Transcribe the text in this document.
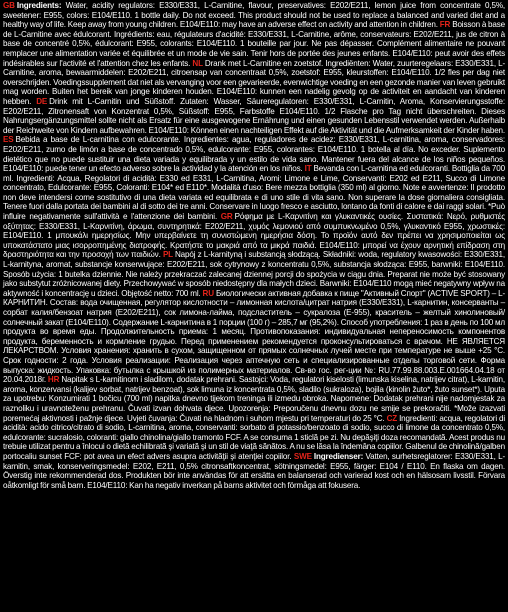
GB Ingredients: Water, acidity regulators: E330/E331, L-Carnitine, flavour, preservatives: E202/E211, lemon juice from concentrate 0,5%, sweetener: E955, colors: E104/E110. 1 bottle daily. Do not exceed. This product should not be used to replace a balanced and varied diet and a healthy way of life. Keep away from young children. E104/E110: may have an adverse effect on activity and attention in children. FR Boisson à base de L-Carnitine avec édulcorant. Ingrédients: eau, régulateurs d'acidité: E330/E331, L-Carnitine, arôme, conservateurs: E202/E211, jus de citron à base de concentré 0,5%, édulcorant: E955, colorants: E104/E110. 1 bouteille par jour. Ne pas dépasser. Complément alimentaire ne pouvant remplacer une alimentation variée et équilibrée et un mode de vie sain. Tenir hors de portée des jeunes enfants. E104/E110: peut avoir des effets indésirables sur l'activité et l'attention chez les enfants. NL Drank met L-Carnitine en zoetstof. Ingrediënten: Water, zuurteregelaars: E330/E331, L-Carnitine, aroma, bewaarmiddelen: E202/E211, citroensap van concentraat 0,5%, zoetstof: E955, kleurstoffen: E104/E110. 1/2 fles per dag niet overschrijden. Voedingssupplement dat niet als vervanging voor een gevarieerde, evenwichtige voeding en een gezonde manier van leven gebruikt mag worden. Buiten het bereik van jonge kinderen houden. E104/E110: kunnen een nadelig gevolg op de activiteit en aandacht van kinderen hebben. DE Drink mit L-Carnitin und Süßstoff. Zutaten: Wasser, Säureregulatoren: E330/E331, L-Carnitin, Aroma, Konservierungsstoffe: E202/E211, Zitronensaft von Konzentrat 0,5%, Süßstoff: E955, Farbstoffe E104/E110. 1/2 Flasche pro Tag nicht überschreiten. Dieses Nahrungsergänzungsmittel sollte nicht als Ersatz für eine ausgewogene Ernährung und einen gesunden Lebensstil verwendet werden. Außerhalb der Reichweite von Kindern aufbewahren. E104/E110: Können einen nachteiligen Effekt auf die Aktivität und die Aufmerksamkeit der Kinder haben. ES Bebida a base de L-carnitina con edulcorante. Ingredientes: agua, reguladores de acidez: E330/E331, L-carnitina, aroma, conservadores: E202/E211, zumo de limón a base de concentrado 0,5%, edulcorante: E955, colorantes: E104/E110. 1 botella al día. No exceder. Suplemento dietético que no puede sustituir una dieta variada y equilibrada y un estilo de vida sano. Mantener fuera del alcance de los niños pequeños. E104/E110: puede tener un efecto adverso sobre la actividad y la atención en los niños. IT Bevanda con L-carnitina ed edulcoranti. Bottiglia da 700 ml. Ingredienti: Acqua, Regolatori di acidità: E330 ed E331, L-Carnitina, Aromi: Limone e Lime, Conservanti: E202 ed E211, Succo di Limone concentrato, Edulcorante: E955, Coloranti: E104* ed E110*. Modalità d'uso: Bere mezza bottiglia (350 ml) al giorno. Note e avvertenze: Il prodotto non deve intendersi come sostitutivo di una dieta variata ed equilibrata e di uno stile di vita sano. Non superare la dose giornaliera consigliata. Tenere fuori dalla portata dei bambini al di sotto dei tre anni. Conservare in luogo fresco e asciutto, lontano da fonti di calore e dai raggi solari. *Può influire negativamente sull'attività e l'attenzione dei bambini. GR Ρόφημα με L-Καρνιτίνη και γλυκαντικές ουσίες. Συστατικά: Νερό, ρυθμιστές οξύτητας: E330/E331, L-Καρνιτίνη, άρωμα, συντηρητικά: E202/E211, χυμός λεμονιού από συμπυκνωμένο 0,5%, γλυκαντικό E955, χρωστικές: E104/E110. 1 μπουκάλι ημερησίως. Μην υπερβαίνετε τη συνιστώμενη ημερήσια δόση. Το προϊόν αυτό δεν πρέπει να χρησιμοποιείται ως υποκατάστατο μιας ισορροπημένης διατροφής. Κρατήστε το μακριά από τα μικρά παιδιά. E104/E110: μπορεί να έχουν αρνητική επίδραση στη δραστηριότητα και την προσοχή των παιδιών. PL Napój z L-karnityną i substancją słodzącą. Składniki: woda, regulatory kwasowości: E330/E331, L-karnityna, aromat, substancje konserwujące: E202/E211, sok cytrynowy z koncentratu 0,5%, substancja słodząca: E955, barwniki: E104/E110. Sposób użycia: 1 butelka dziennie. Nie należy przekraczać zalecanej dziennej porcji do spożycia w ciągu dnia. Preparat nie może być stosowany jako substytut zróżnicowanej diety. Przechowywać w sposób niedostępny dla małych dzieci. Barwniki: E104/E110 mogą mieć negatywny wpływ na aktywność i koncentrację u dzieci. Objętość netto: 700 ml. RU Биологически активная добавка к пище "Активный Спорт" (ACTIVE SPORT) – L-КАРНИТИН. Состав: вода очищенная, регулятор кислотности – лимонная кислота/цитрат натрия (E330/E331), L-карнитин, консерванты – сорбат калия/бензоат натрия (E202/E211), сок лимона-лайма, подсластитель – сукралоза (E-955), краситель – желтый хинолиновый/солнечный закат (E104/E110). Содержание L-карнитина в 1 порции (100 г) – 285,7 мг (95,2%). Способ употребления: 1 раз в день по 100 мл продукта во время еды. Продолжительность приема: 1 месяц. Противопоказания: индивидуальная непереносимость компонентов продукта, беременность и кормление грудью. Перед применением рекомендуется проконсультироваться с врачом. НЕ ЯВЛЯЕТСЯ ЛЕКАРСТВОМ. Условия хранения: хранить в сухом, защищенном от прямых солнечных лучей месте при температуре не выше +25 °C. Срок годности: 2 года. Условия реализации: Реализация через аптечную сеть и специализированные отделы торговой сети. Форма выпуска: жидкость. Упаковка: бутылка с крышкой из полимерных материалов. Св-во гос. рег-ции №: RU.77.99.88.003.E.001664.04.18 от 20.04.2018г. HR Napitak s L-karnitinom i sladilom, dodatak prehrani. Sastojci: Voda, regulatori kiselosti (limunska kiselina, natrijev citrat), L-karnitin, aroma, konzervansi (kalijev sorbat, natrijev benzoat), sok limuna iz koncentrata 0,5%, sladilo (sukraloza), bojila (kinolin žuto*, žuto sunset*). Uputa za upotrebu: Konzumirati 1 bočicu (700 ml) napitka dnevno tijekom treninga ili izmedu obroka. Napomene: Dodatak prehrani nije nadomjestak za raznoliku i uravnoteženu prehranu. Čuvati izvan dohvata djece. Upozorenja: Preporučenu dnevnu dozu ne smije se prekoračiti. *Može izazvati poremećaj aktivnosti i pažnje djece. Uvjeti čuvanja: Čuvati na hladnom i suhom mjestu pri temperaturi do 25 °C. CZ Ingredienti: acqua, regolatori di acidità: acido citrico/citrato di sodio, L-carnitina, aroma, conservanti: sorbato di potassio/benzoato di sodio, succo di limone da concentrato 0,5%, edulcorante: sucralosio, coloranti: giallo chinolina/giallo tramonto FCF. A se consuma 1 sticlă pe zi. Nu depăşiţi doza recomandată. Acest produs nu trebuie utilizat pentru a înlocui o dietă echilibrată şi variată şi un stil de viaţă sănătos. A nu se lăsa la îndemâna copiilor. Galbenul de chinolină/galben portocaliu sunset FCF: pot avea un efect advers asupra activităţii şi atenţiei copiilor. SWE Ingredienser: Vatten, surhetsreglatorer: E330/E331, L-karnitin, smak, konserveringsmedel: E202, E211, 0,5% citronsaftkoncentrat, sötningsmedel: E955, färger: E104 / E110. En flaska om dagen. Överstig inte rekommenderad dos. Produkten bör inte användas för att ersätta en balanserad och varierad kost och en hälsosam livsstil. Förvara oåtkomligt för små barn. E104/E110: Kan ha negativ inverkan på barns aktivitet och förmåga att fokusera.
